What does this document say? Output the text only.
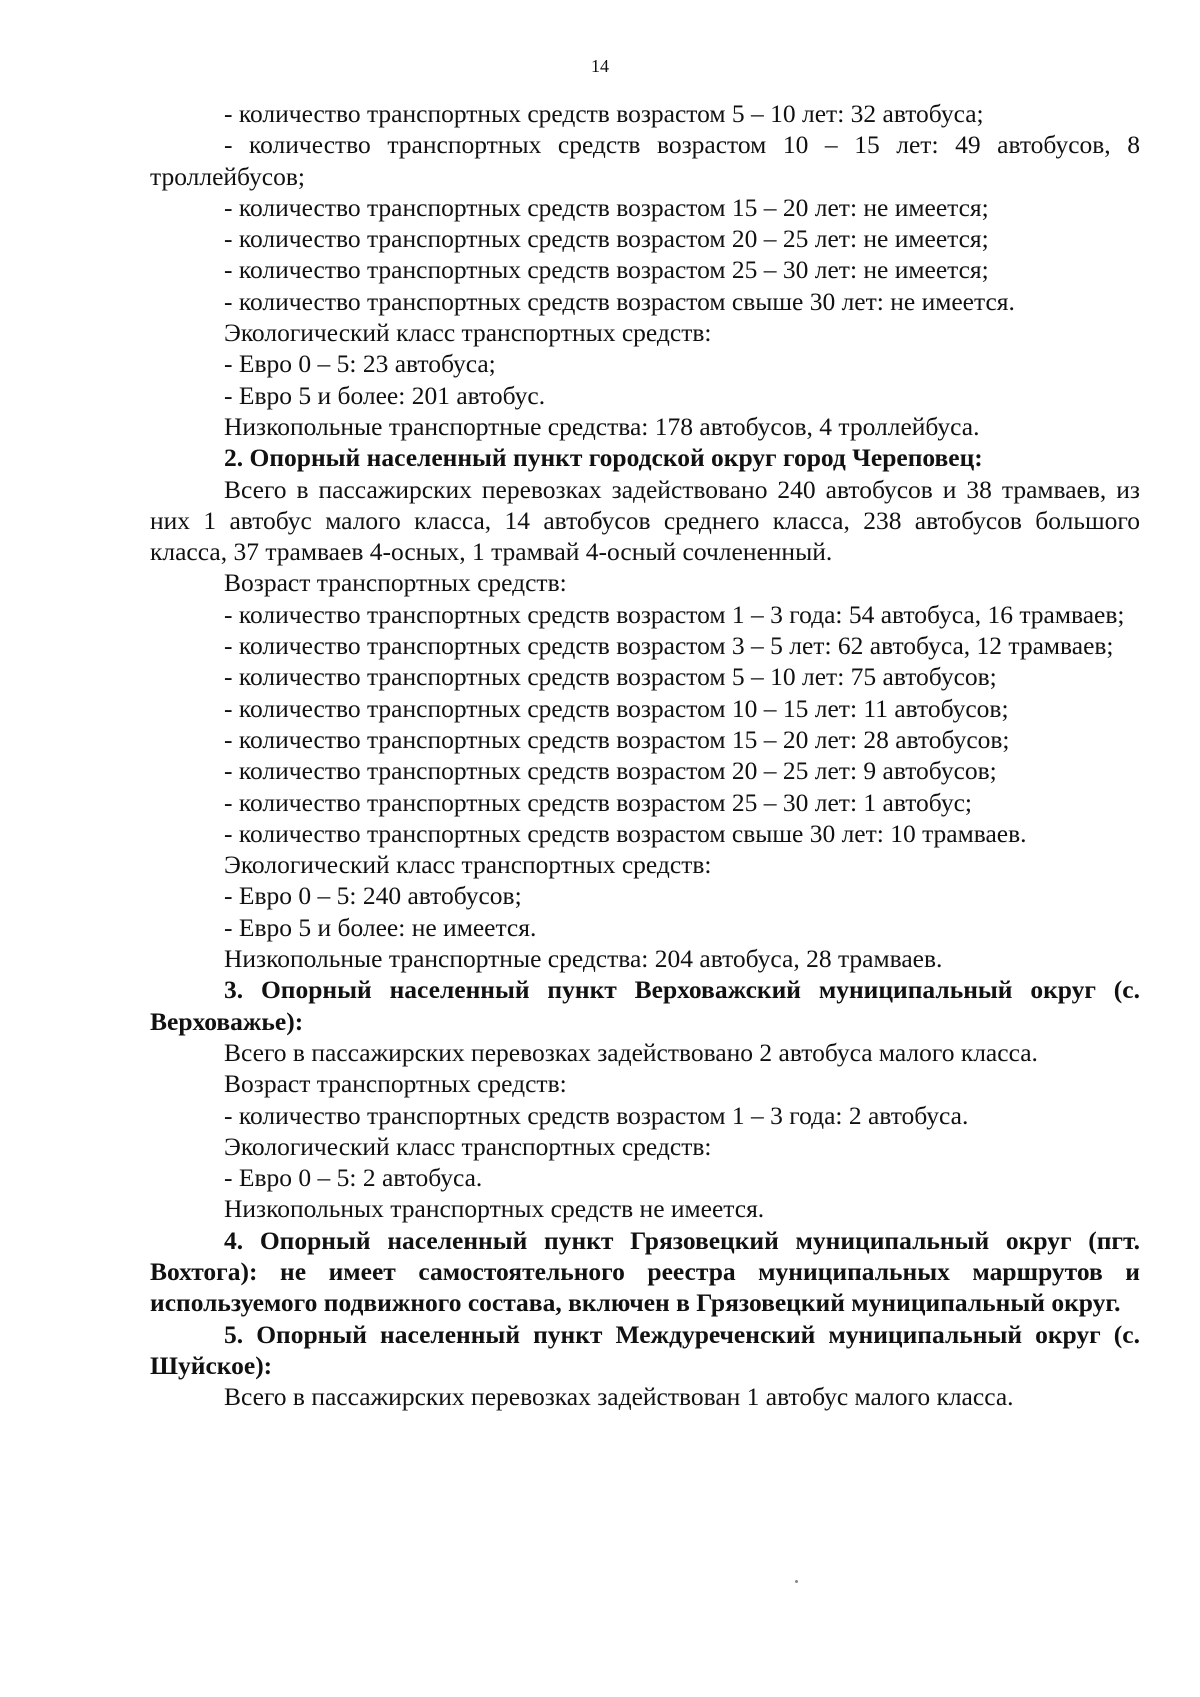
14

- количество транспортных средств возрастом 5 – 10 лет: 32 автобуса;

- количество транспортных средств возрастом 10 – 15 лет: 49 автобусов, 8 троллейбусов;

- количество транспортных средств возрастом 15 – 20 лет: не имеется;

- количество транспортных средств возрастом 20 – 25 лет: не имеется;

- количество транспортных средств возрастом 25 – 30 лет: не имеется;

- количество транспортных средств возрастом свыше 30 лет: не имеется.

Экологический класс транспортных средств:

- Евро 0 – 5: 23 автобуса;

- Евро 5 и более: 201 автобус.

Низкопольные транспортные средства: 178 автобусов, 4 троллейбуса.

2. Опорный населенный пункт городской округ город Череповец:

Всего в пассажирских перевозках задействовано 240 автобусов и 38 трамваев, из них 1 автобус малого класса, 14 автобусов среднего класса, 238 автобусов большого класса, 37 трамваев 4-осных, 1 трамвай 4-осный сочлененный.

Возраст транспортных средств:

- количество транспортных средств возрастом 1 – 3 года: 54 автобуса, 16 трамваев;

- количество транспортных средств возрастом 3 – 5 лет: 62 автобуса, 12 трамваев;

- количество транспортных средств возрастом 5 – 10 лет: 75 автобусов;

- количество транспортных средств возрастом 10 – 15 лет: 11 автобусов;

- количество транспортных средств возрастом 15 – 20 лет: 28 автобусов;

- количество транспортных средств возрастом 20 – 25 лет: 9 автобусов;

- количество транспортных средств возрастом 25 – 30 лет: 1 автобус;

- количество транспортных средств возрастом свыше 30 лет: 10 трамваев.

Экологический класс транспортных средств:

- Евро 0 – 5: 240 автобусов;

- Евро 5 и более: не имеется.

Низкопольные транспортные средства: 204 автобуса, 28 трамваев.

3. Опорный населенный пункт Верховажский муниципальный округ (с. Верховажье):

Всего в пассажирских перевозках задействовано 2 автобуса малого класса.

Возраст транспортных средств:

- количество транспортных средств возрастом 1 – 3 года: 2 автобуса.

Экологический класс транспортных средств:

- Евро 0 – 5: 2 автобуса.

Низкопольных транспортных средств не имеется.

4. Опорный населенный пункт Грязовецкий муниципальный округ (пгт. Вохтога): не имеет самостоятельного реестра муниципальных маршрутов и используемого подвижного состава, включен в Грязовецкий муниципальный округ.

5. Опорный населенный пункт Междуреченский муниципальный округ (с. Шуйское):

Всего в пассажирских перевозках задействован 1 автобус малого класса.
